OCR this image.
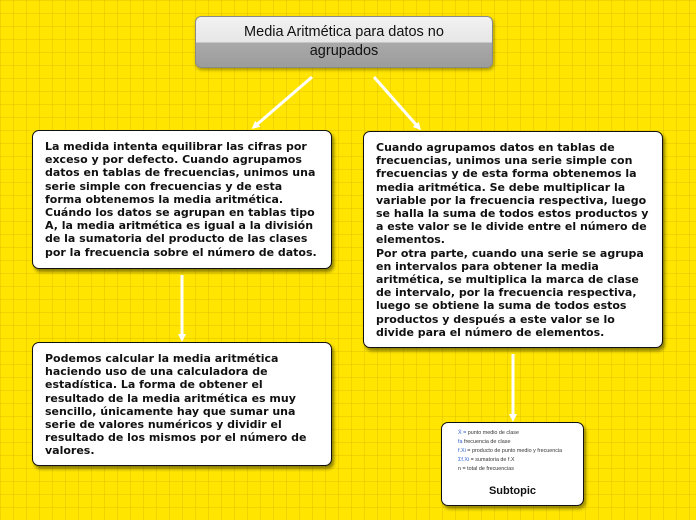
Media Aritmética para datos no agrupados

La medida intenta equilibrar las cifras por exceso y por defecto. Cuando agrupamos datos en tablas de frecuencias, unimos una serie simple con frecuencias y de esta forma obtenemos la media aritmética. Cuándo los datos se agrupan en tablas tipo A, la media aritmética es igual a la división de la sumatoria del producto de las clases por la frecuencia sobre el número de datos.

Cuando agrupamos datos en tablas de frecuencias, unimos una serie simple con frecuencias y de esta forma obtenemos la media aritmética. Se debe multiplicar la variable por la frecuencia respectiva, luego se halla la suma de todos estos productos y a este valor se le divide entre el número de elementos.

Por otra parte, cuando una serie se agrupa en intervalos para obtener la media aritmética, se multiplica la marca de clase de intervalo, por la frecuencia respectiva, luego se obtiene la suma de todos estos productos y después a este valor se lo divide para el número de elementos.

Podemos calcular la media aritmética haciendo uso de una calculadora de estadística. La forma de obtener el resultado de la media aritmética es muy sencillo, únicamente hay que sumar una serie de valores numéricos y dividir el resultado de los mismos por el número de valores.

X̄ = punto medio de clase
fa frecuencia de clase
f.Xi = producto de punto medio y frecuencia
Σf.Xi = sumatoria de f.X
n = total de frecuencias
Subtopic
